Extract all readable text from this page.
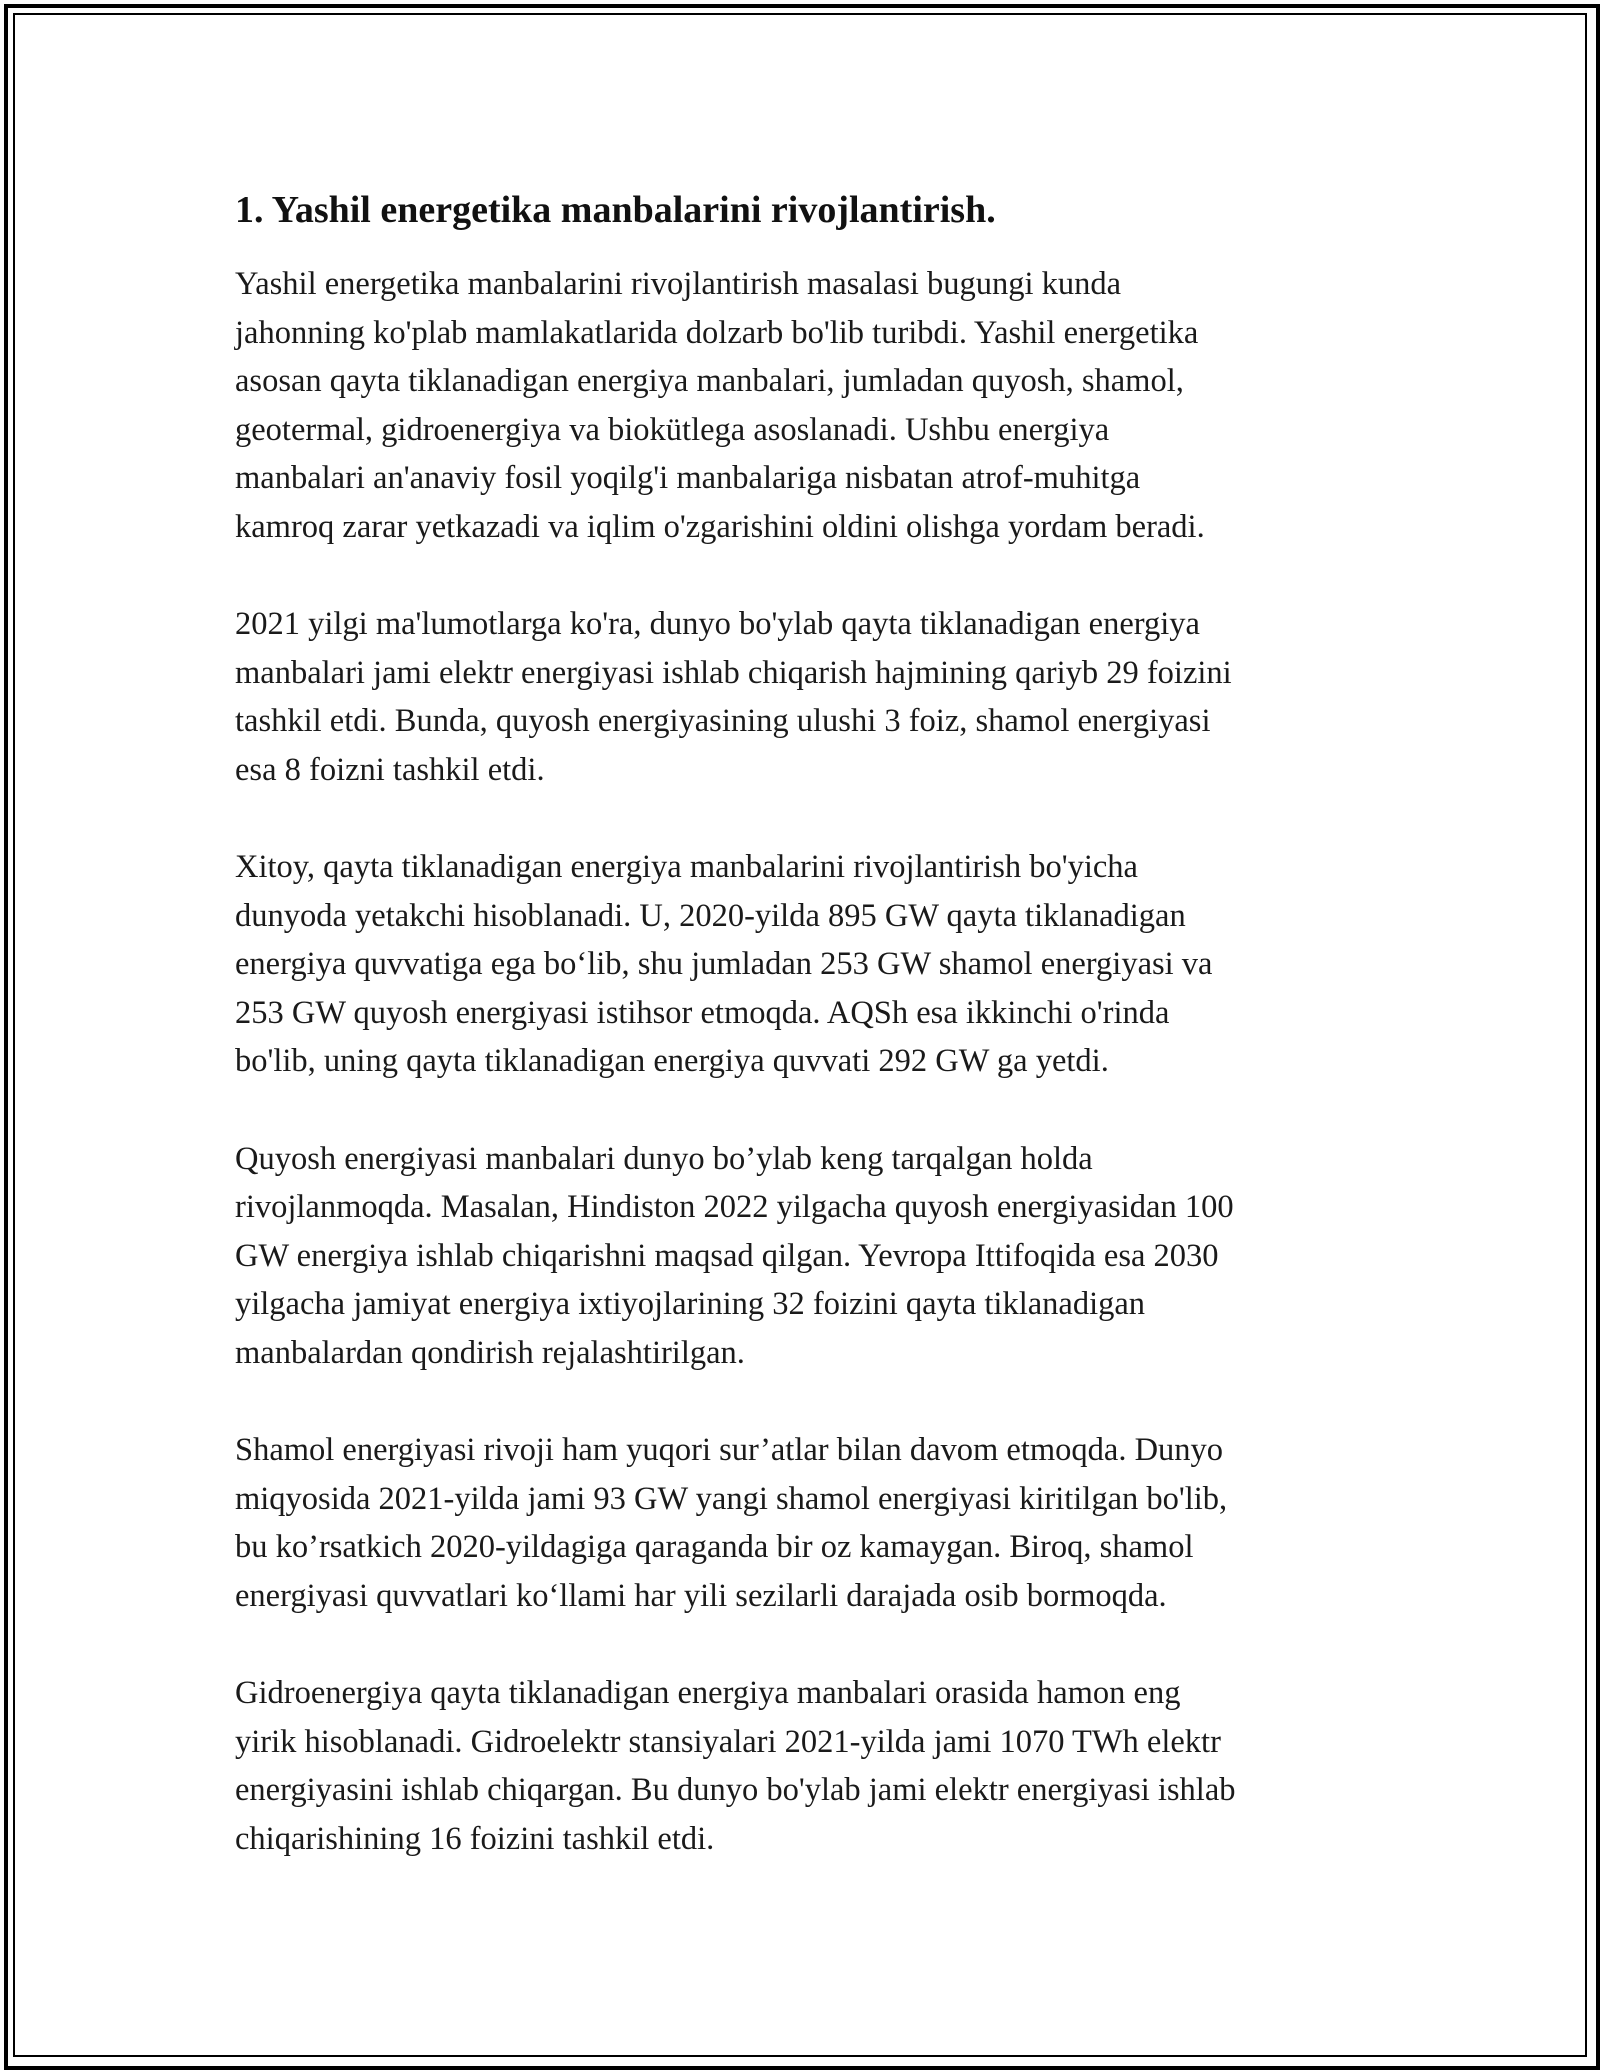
1. Yashil energetika manbalarini rivojlantirish.

Yashil energetika manbalarini rivojlantirish masalasi bugungi kunda
jahonning ko'plab mamlakatlarida dolzarb bo'lib turibdi. Yashil energetika
asosan qayta tiklanadigan energiya manbalari, jumladan quyosh, shamol,
geotermal, gidroenergiya va biokütlega asoslanadi. Ushbu energiya
manbalari an'anaviy fosil yoqilg'i manbalariga nisbatan atrof-muhitga
kamroq zarar yetkazadi va iqlim o'zgarishini oldini olishga yordam beradi.

2021 yilgi ma'lumotlarga ko'ra, dunyo bo'ylab qayta tiklanadigan energiya
manbalari jami elektr energiyasi ishlab chiqarish hajmining qariyb 29 foizini
tashkil etdi. Bunda, quyosh energiyasining ulushi 3 foiz, shamol energiyasi
esa 8 foizni tashkil etdi.

Xitoy, qayta tiklanadigan energiya manbalarini rivojlantirish bo'yicha
dunyoda yetakchi hisoblanadi. U, 2020-yilda 895 GW qayta tiklanadigan
energiya quvvatiga ega bo‘lib, shu jumladan 253 GW shamol energiyasi va
253 GW quyosh energiyasi istihsor etmoqda. AQSh esa ikkinchi o'rinda
bo'lib, uning qayta tiklanadigan energiya quvvati 292 GW ga yetdi.

Quyosh energiyasi manbalari dunyo bo’ylab keng tarqalgan holda
rivojlanmoqda. Masalan, Hindiston 2022 yilgacha quyosh energiyasidan 100
GW energiya ishlab chiqarishni maqsad qilgan. Yevropa Ittifoqida esa 2030
yilgacha jamiyat energiya ixtiyojlarining 32 foizini qayta tiklanadigan
manbalardan qondirish rejalashtirilgan.

Shamol energiyasi rivoji ham yuqori sur’atlar bilan davom etmoqda. Dunyo
miqyosida 2021-yilda jami 93 GW yangi shamol energiyasi kiritilgan bo'lib,
bu ko’rsatkich 2020-yildagiga qaraganda bir oz kamaygan. Biroq, shamol
energiyasi quvvatlari ko‘llami har yili sezilarli darajada osib bormoqda.

Gidroenergiya qayta tiklanadigan energiya manbalari orasida hamon eng
yirik hisoblanadi. Gidroelektr stansiyalari 2021-yilda jami 1070 TWh elektr
energiyasini ishlab chiqargan. Bu dunyo bo'ylab jami elektr energiyasi ishlab
chiqarishining 16 foizini tashkil etdi.
